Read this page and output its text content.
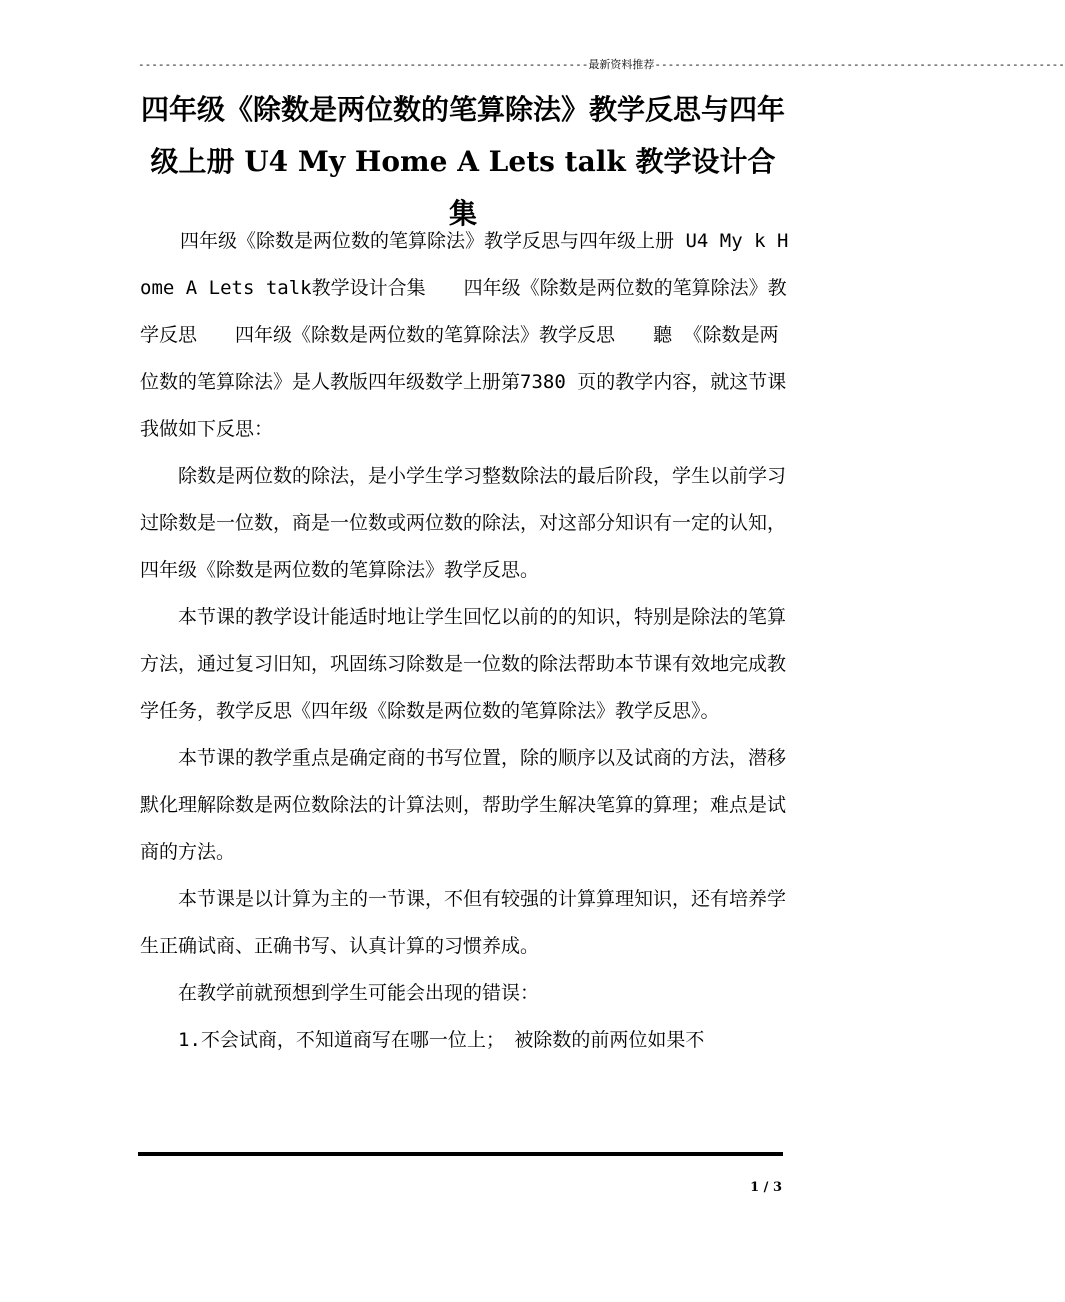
--------------------------------------------------------------------最新资料推荐--------------------------------------------------------------
四年级《除数是两位数的笔算除法》教学反思与四年级上册 U4 My Home A Lets talk 教学设计合集

四年级《除数是两位数的笔算除法》教学反思与四年级上册 U4 My k Home A Lets talk教学设计合集　　四年级《除数是两位数的笔算除法》教学反思　　四年级《除数是两位数的笔算除法》教学反思　　聽 《除数是两位数的笔算除法》是人教版四年级数学上册第7380 页的教学内容，就这节课我做如下反思：

除数是两位数的除法，是小学生学习整数除法的最后阶段，学生以前学习过除数是一位数，商是一位数或两位数的除法，对这部分知识有一定的认知，四年级《除数是两位数的笔算除法》教学反思。

本节课的教学设计能适时地让学生回忆以前的的知识，特别是除法的笔算方法，通过复习旧知，巩固练习除数是一位数的除法帮助本节课有效地完成教学任务，教学反思《四年级《除数是两位数的笔算除法》教学反思》。

本节课的教学重点是确定商的书写位置，除的顺序以及试商的方法，潜移默化理解除数是两位数除法的计算法则，帮助学生解决笔算的算理；难点是试商的方法。

本节课是以计算为主的一节课，不但有较强的计算算理知识，还有培养学生正确试商、正确书写、认真计算的习惯养成。

在教学前就预想到学生可能会出现的错误：

1.不会试商，不知道商写在哪一位上；　被除数的前两位如果不

1 / 3
